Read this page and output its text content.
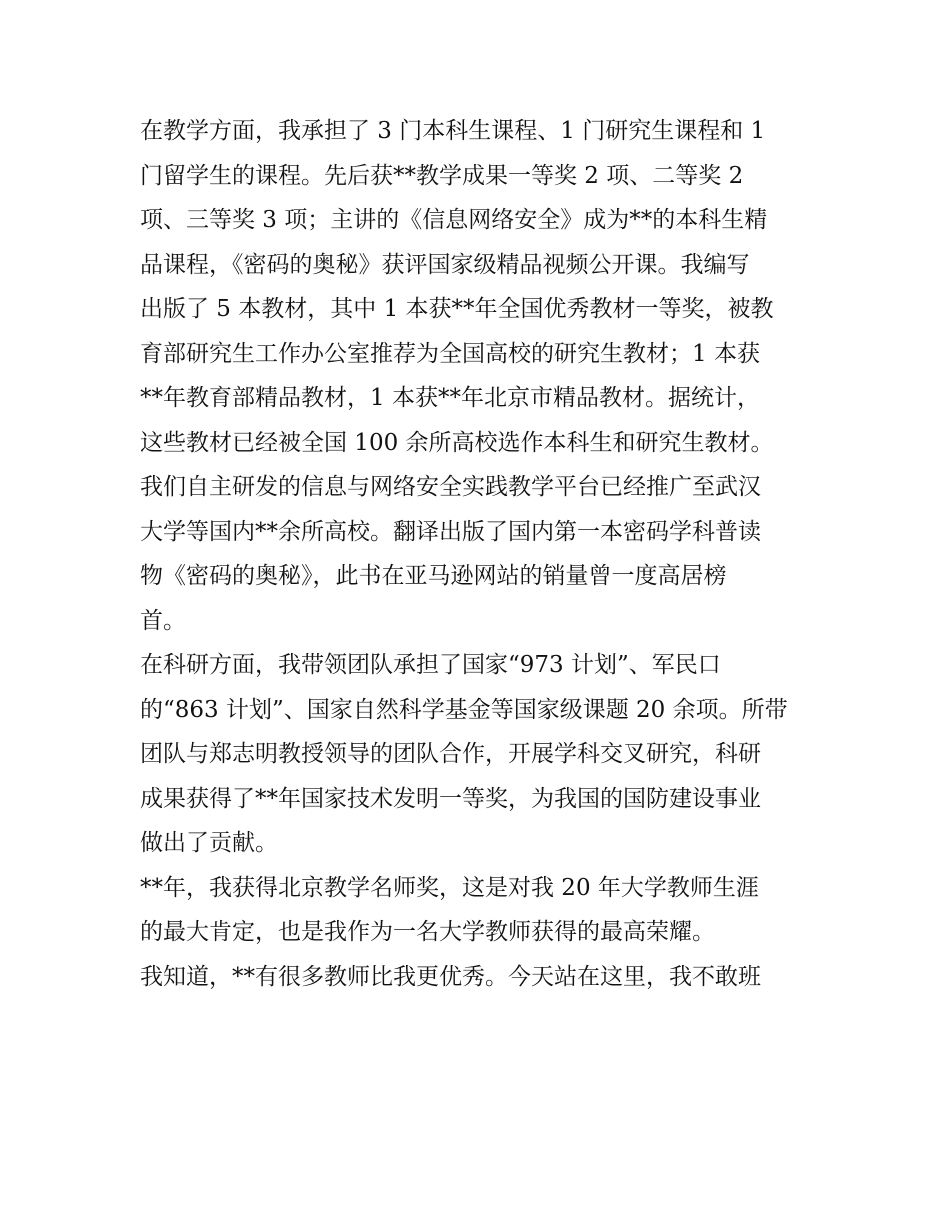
在教学方面，我承担了 3 门本科生课程、1 门研究生课程和 1
门留学生的课程。先后获**教学成果一等奖 2 项、二等奖 2
项、三等奖 3 项；主讲的《信息网络安全》成为**的本科生精
品课程，《密码的奥秘》获评国家级精品视频公开课。我编写
出版了 5 本教材，其中 1 本获**年全国优秀教材一等奖，被教
育部研究生工作办公室推荐为全国高校的研究生教材；1 本获
**年教育部精品教材，1 本获**年北京市精品教材。据统计，
这些教材已经被全国 100 余所高校选作本科生和研究生教材。
我们自主研发的信息与网络安全实践教学平台已经推广至武汉
大学等国内**余所高校。翻译出版了国内第一本密码学科普读
物《密码的奥秘》，此书在亚马逊网站的销量曾一度高居榜
首。
在科研方面，我带领团队承担了国家“973 计划”、军民口
的“863 计划”、国家自然科学基金等国家级课题 20 余项。所带
团队与郑志明教授领导的团队合作，开展学科交叉研究，科研
成果获得了**年国家技术发明一等奖，为我国的国防建设事业
做出了贡献。
**年，我获得北京教学名师奖，这是对我 20 年大学教师生涯
的最大肯定，也是我作为一名大学教师获得的最高荣耀。
我知道，**有很多教师比我更优秀。今天站在这里，我不敢班
